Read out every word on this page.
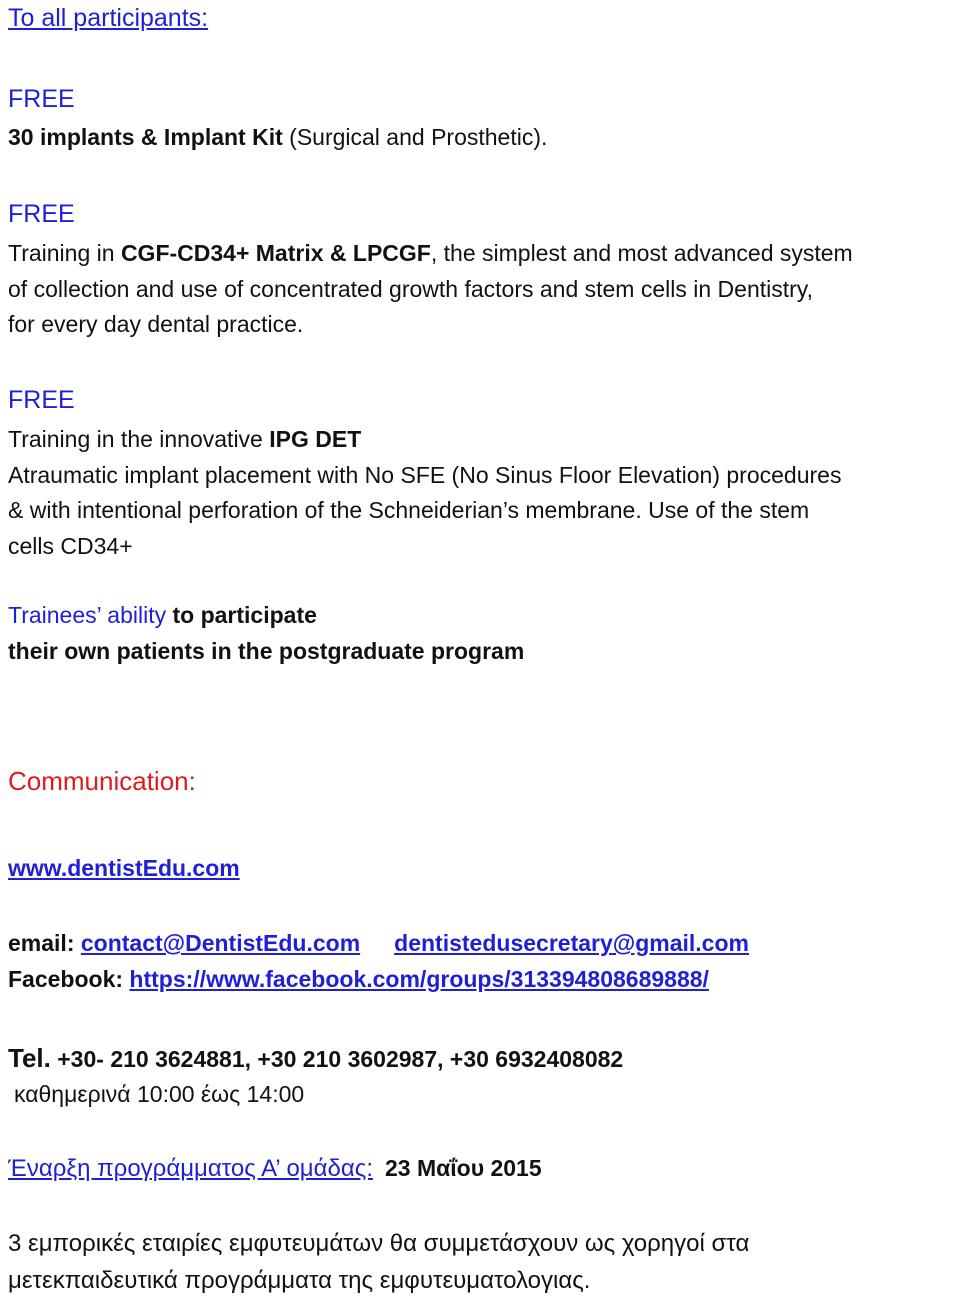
To all participants:

FREE

30 implants & Implant Kit (Surgical and Prosthetic).

FREE

Training in CGF-CD34+ Matrix & LPCGF, the simplest and most advanced system

of collection and use of concentrated growth factors and stem cells in Dentistry,

for every day dental practice.

FREE

Training in the innovative IPG DET

Atraumatic implant placement with No SFE (No Sinus Floor Elevation) procedures

& with intentional perforation of the Schneiderian’s membrane. Use of the stem

cells CD34+

Trainees’ ability to participate

their own patients in the postgraduate program

Communication:

www.dentistEdu.com

email: contact@DentistEdu.com dentistedusecretary@gmail.com

Facebook: https://www.facebook.com/groups/313394808689888/

Tel. +30- 210 3624881, +30 210 3602987, +30 6932408082

καθημερινά 10:00 έως 14:00

Έναρξη προγράμματος Α’ ομάδας: 23 Μαΐου 2015

3 εμπορικές εταιρίες εμφυτευμάτων θα συμμετάσχουν ως χορηγοί στα

μετεκπαιδευτικά προγράμματα της εμφυτευματολογιας.
